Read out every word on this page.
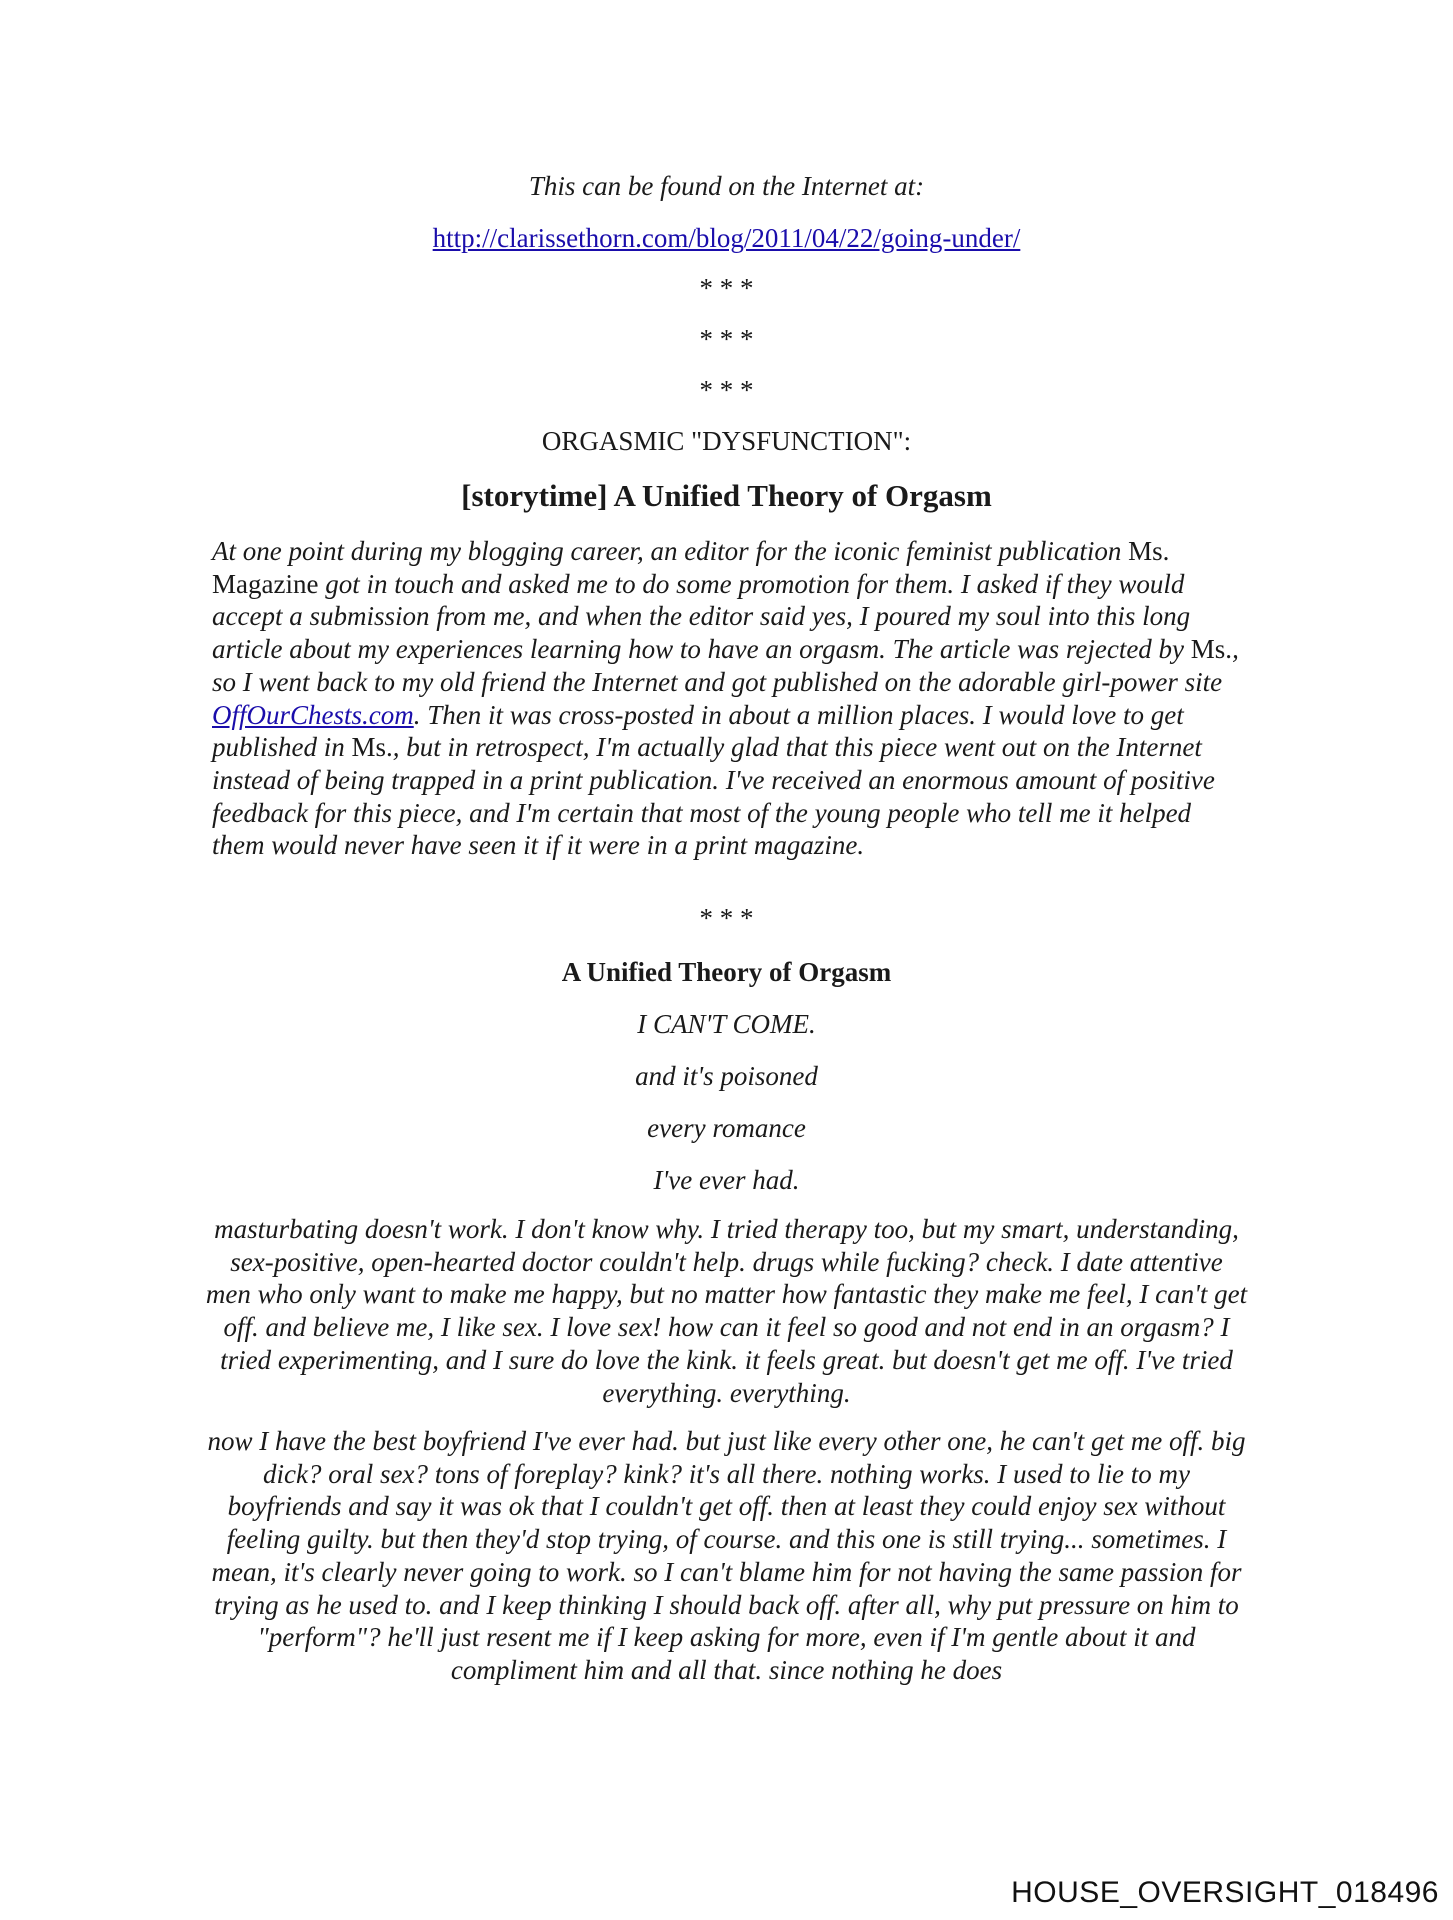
This can be found on the Internet at:
http://clarissethorn.com/blog/2011/04/22/going-under/
* * *
* * *
* * *
ORGASMIC "DYSFUNCTION":
[storytime] A Unified Theory of Orgasm
At one point during my blogging career, an editor for the iconic feminist publication Ms. Magazine got in touch and asked me to do some promotion for them. I asked if they would accept a submission from me, and when the editor said yes, I poured my soul into this long article about my experiences learning how to have an orgasm. The article was rejected by Ms., so I went back to my old friend the Internet and got published on the adorable girl-power site OffOurChests.com. Then it was cross-posted in about a million places. I would love to get published in Ms., but in retrospect, I'm actually glad that this piece went out on the Internet instead of being trapped in a print publication. I've received an enormous amount of positive feedback for this piece, and I'm certain that most of the young people who tell me it helped them would never have seen it if it were in a print magazine.
* * *
A Unified Theory of Orgasm
I CAN'T COME.
and it's poisoned
every romance
I've ever had.
masturbating doesn't work. I don't know why. I tried therapy too, but my smart, understanding, sex-positive, open-hearted doctor couldn't help. drugs while fucking? check. I date attentive men who only want to make me happy, but no matter how fantastic they make me feel, I can't get off. and believe me, I like sex. I love sex! how can it feel so good and not end in an orgasm? I tried experimenting, and I sure do love the kink. it feels great. but doesn't get me off. I've tried everything. everything.
now I have the best boyfriend I've ever had. but just like every other one, he can't get me off. big dick? oral sex? tons of foreplay? kink? it's all there. nothing works. I used to lie to my boyfriends and say it was ok that I couldn't get off. then at least they could enjoy sex without feeling guilty. but then they'd stop trying, of course. and this one is still trying... sometimes. I mean, it's clearly never going to work. so I can't blame him for not having the same passion for trying as he used to. and I keep thinking I should back off. after all, why put pressure on him to "perform"? he'll just resent me if I keep asking for more, even if I'm gentle about it and compliment him and all that. since nothing he does
HOUSE_OVERSIGHT_018496
